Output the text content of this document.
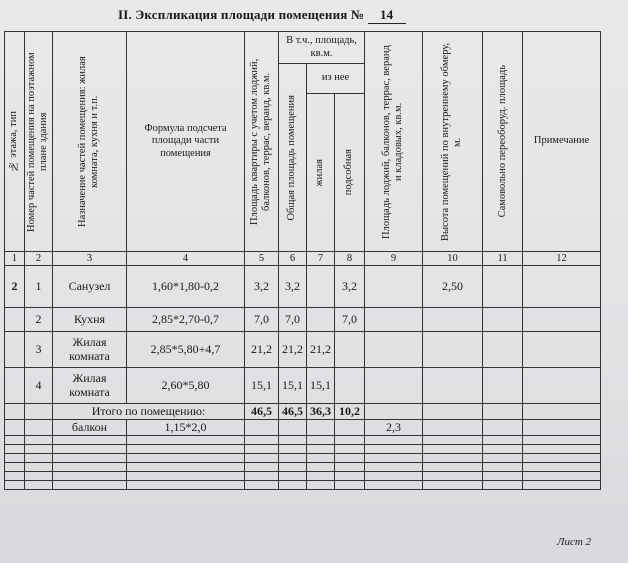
II. Экспликация площади помещения № 14
№ этажа, тип	Номер частей помещения на поэтажном плане здания	Назначение частей помещения: жилая комната, кухня и т.п.	Формула подсчета площади части помещения	Площадь квартиры с учетом лоджий, балконов, террас, веранд, кв.м.	В т.ч., площадь, кв.м.			Площадь лоджий, балконов, террас, веранд и кладовых, кв.м.	Высота помещений по внутреннему обмеру, м.	Самовольно переоборуд. площадь	Примечание

					Общая площадь помещения	из нее					

						жилая	подсобная				

1	2	3	4	5	6	7	8	9	10	11	12
2	1	Санузел	1,60*1,80-0,2	3,2	3,2		3,2		2,50		
	2	Кухня	2,85*2,70-0,7	7,0	7,0		7,0				
	3	Жилая комната	2,85*5,80+4,7	21,2	21,2	21,2					
	4	Жилая комната	2,60*5,80	15,1	15,1	15,1					
		Итого по помещению:		46,5	46,5	36,3	10,2				
		балкон	1,15*2,0					2,3			

Лист 2
